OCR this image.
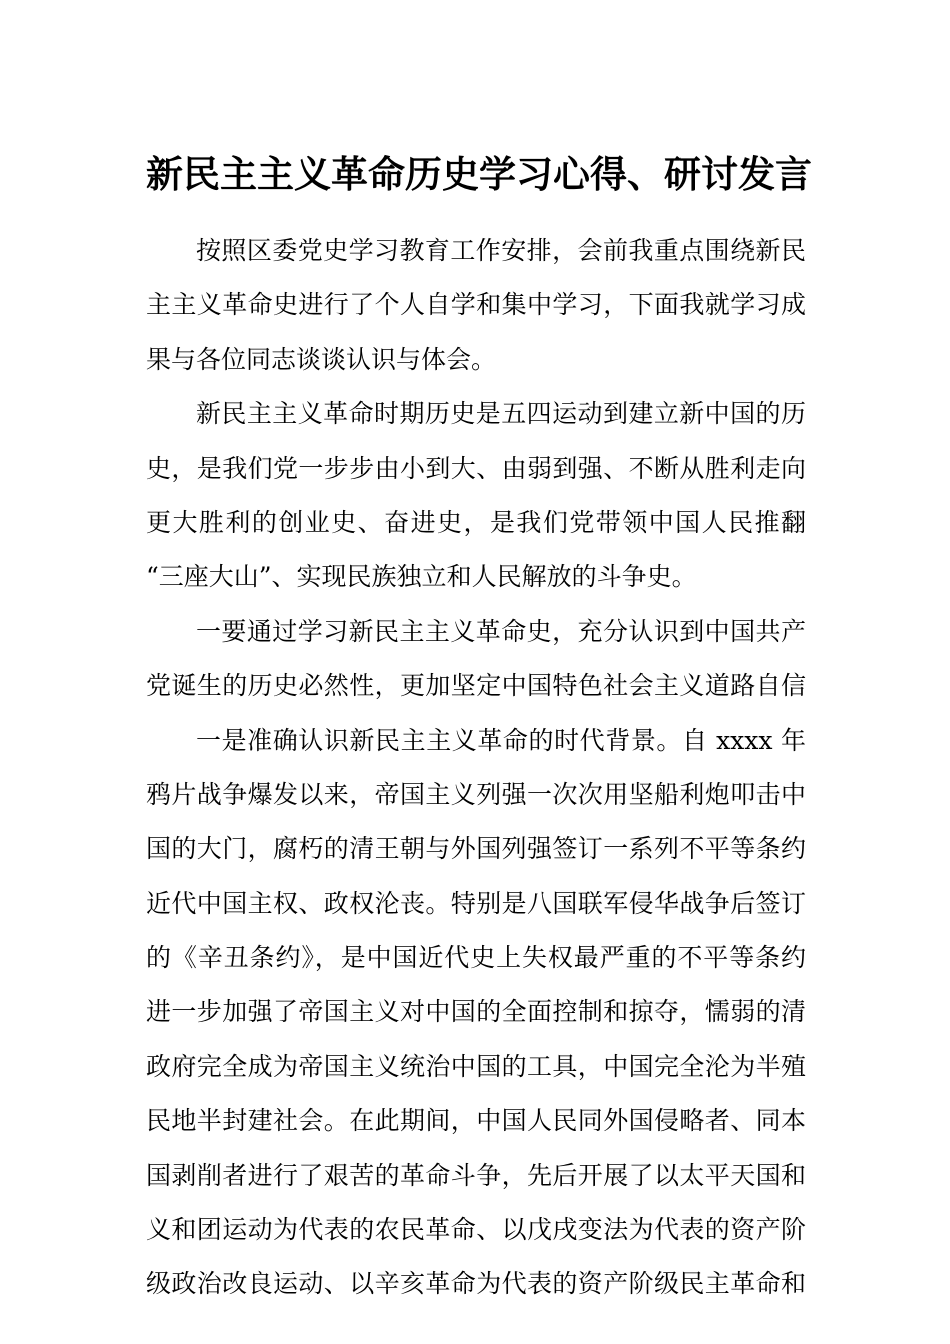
新民主主义革命历史学习心得、研讨发言
按照区委党史学习教育工作安排，会前我重点围绕新民
主主义革命史进行了个人自学和集中学习，下面我就学习成
果与各位同志谈谈认识与体会。
新民主主义革命时期历史是五四运动到建立新中国的历
史，是我们党一步步由小到大、由弱到强、不断从胜利走向
更大胜利的创业史、奋进史，是我们党带领中国人民推翻
“三座大山”、实现民族独立和人民解放的斗争史。
一要通过学习新民主主义革命史，充分认识到中国共产
党诞生的历史必然性，更加坚定中国特色社会主义道路自信
一是准确认识新民主主义革命的时代背景。自 xxxx 年
鸦片战争爆发以来，帝国主义列强一次次用坚船利炮叩击中
国的大门，腐朽的清王朝与外国列强签订一系列不平等条约
近代中国主权、政权沦丧。特别是八国联军侵华战争后签订
的《辛丑条约》，是中国近代史上失权最严重的不平等条约
进一步加强了帝国主义对中国的全面控制和掠夺，懦弱的清
政府完全成为帝国主义统治中国的工具，中国完全沦为半殖
民地半封建社会。在此期间，中国人民同外国侵略者、同本
国剥削者进行了艰苦的革命斗争，先后开展了以太平天国和
义和团运动为代表的农民革命、以戊戌变法为代表的资产阶
级政治改良运动、以辛亥革命为代表的资产阶级民主革命和
